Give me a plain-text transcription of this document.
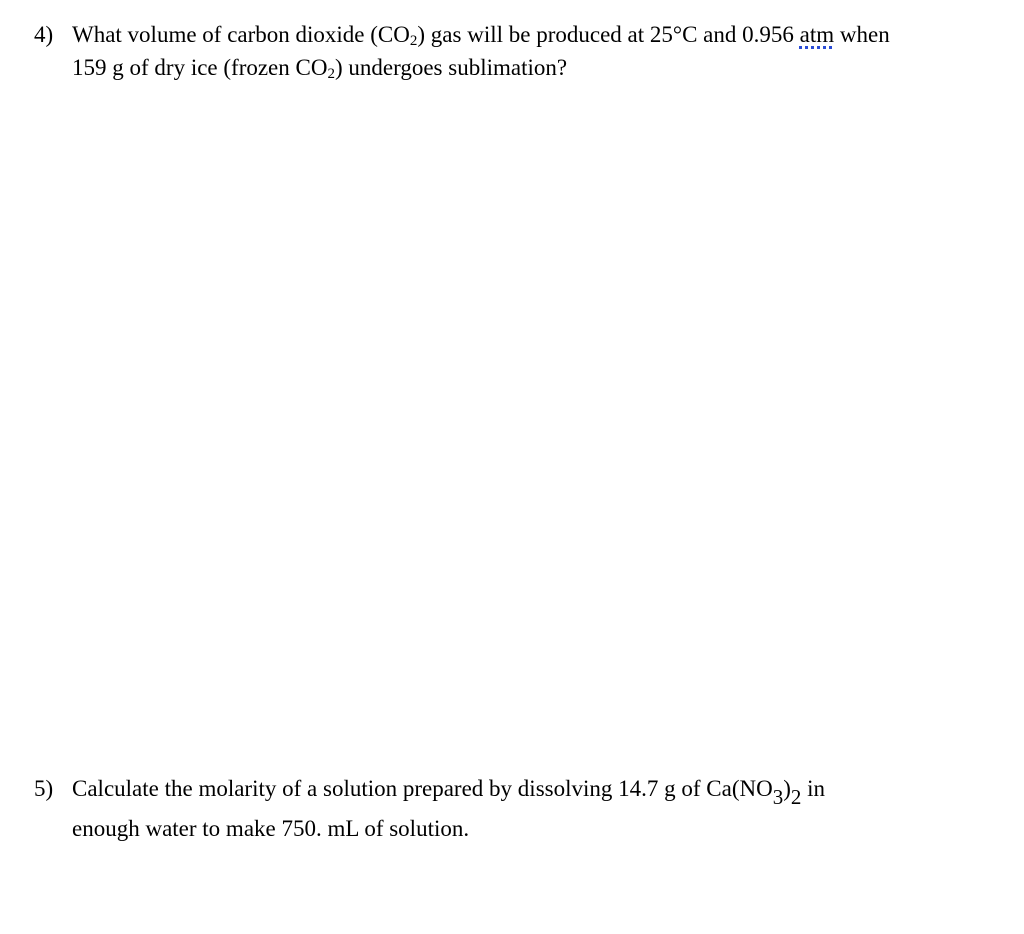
4) What volume of carbon dioxide (CO2) gas will be produced at 25°C and 0.956 atm when
159 g of dry ice (frozen CO2) undergoes sublimation?
5) Calculate the molarity of a solution prepared by dissolving 14.7 g of Ca(NO3)2 in
enough water to make 750. mL of solution.
